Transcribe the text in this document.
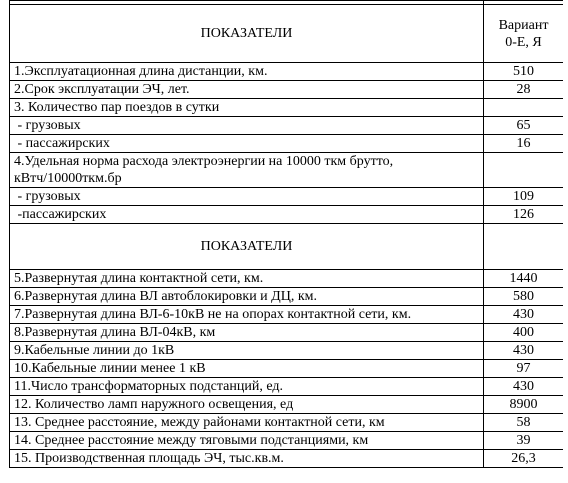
ПОКАЗАТЕЛИ	Вариант
0-Е, Я
1.Эксплуатационная длина дистанции, км.	510
2.Срок эксплуатации ЭЧ, лет.	28
3. Количество пар поездов в сутки	
- грузовых	65
- пассажирских	16
4.Удельная норма расхода электроэнергии на 10000 ткм брутто, кВтч/10000ткм.бр	
- грузовых	109
-пассажирских	126
ПОКАЗАТЕЛИ	
5.Развернутая длина контактной сети, км.	1440
6.Развернутая длина ВЛ автоблокировки и ДЦ, км.	580
7.Развернутая длина ВЛ-6-10кВ не на опорах контактной сети, км.	430
8.Развернутая длина ВЛ-04кВ, км	400
9.Кабельные линии до 1кВ	430
10.Кабельные линии менее 1 кВ	97
11.Число трансформаторных подстанций, ед.	430
12. Количество ламп наружного освещения, ед	8900
13. Среднее расстояние, между районами контактной сети, км	58
14. Среднее расстояние между тяговыми подстанциями, км	39
15. Производственная площадь ЭЧ, тыс.кв.м.	26,3
